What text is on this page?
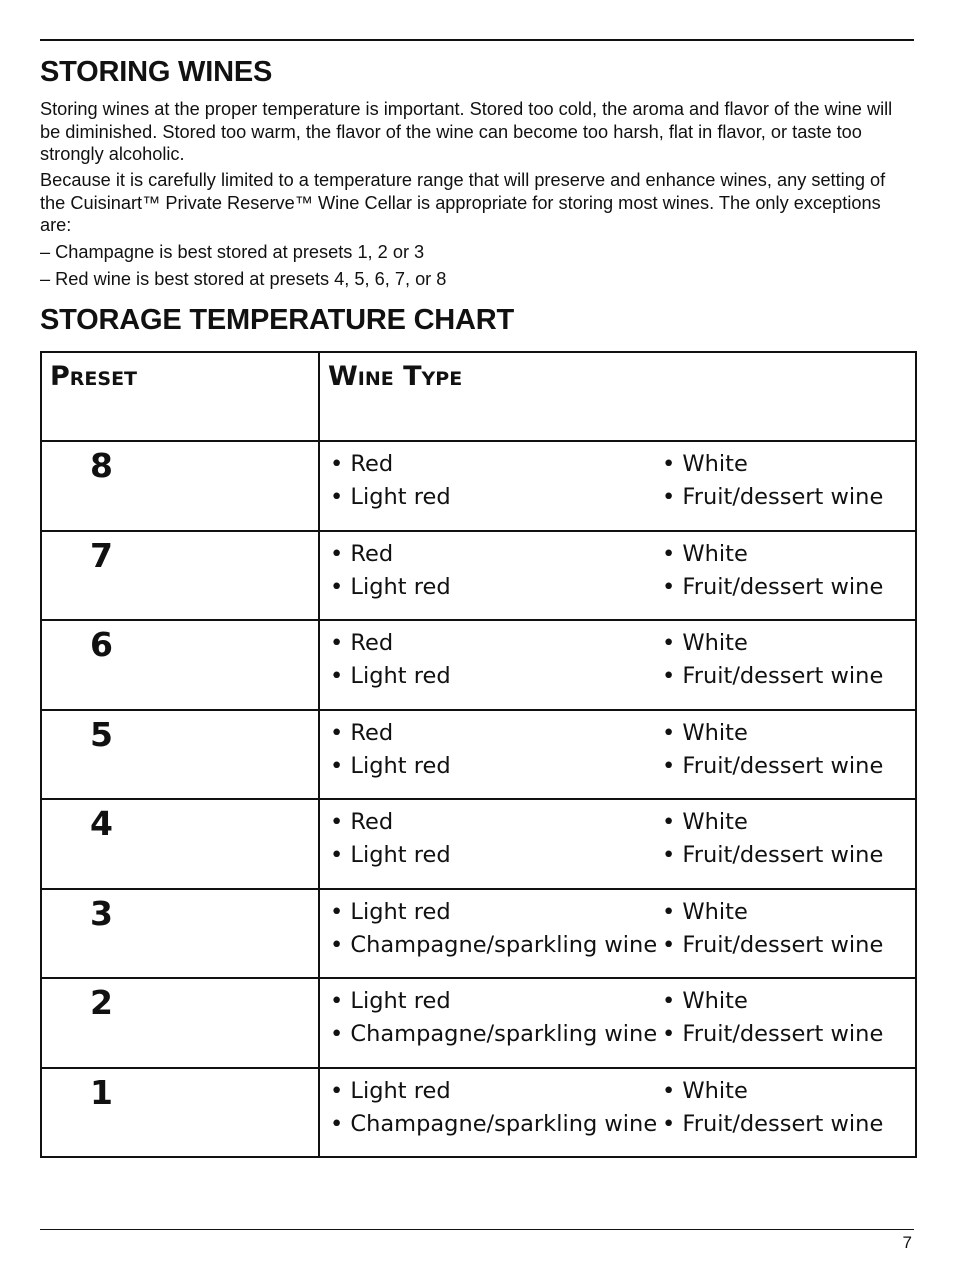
STORING WINES

Storing wines at the proper temperature is important. Stored too cold, the aroma and flavor of the wine will be diminished. Stored too warm, the flavor of the wine can become too harsh, flat in flavor, or taste too strongly alcoholic.

Because it is carefully limited to a temperature range that will preserve and enhance wines, any setting of the Cuisinart™ Private Reserve™ Wine Cellar is appropriate for storing most wines. The only exceptions are:

– Champagne is best stored at presets 1, 2 or 3

– Red wine is best stored at presets 4, 5, 6, 7, or 8

STORAGE TEMPERATURE CHART
Preset	Wine Type

8	• Red • White
• Light red • Fruit/dessert wine

7	• Red • White
• Light red • Fruit/dessert wine

6	• Red • White
• Light red • Fruit/dessert wine

5	• Red • White
• Light red • Fruit/dessert wine

4	• Red • White
• Light red • Fruit/dessert wine

3	• Light red • White
• Champagne/sparkling wine • Fruit/dessert wine

2	• Light red • White
• Champagne/sparkling wine • Fruit/dessert wine

1	• Light red • White
• Champagne/sparkling wine • Fruit/dessert wine
7
